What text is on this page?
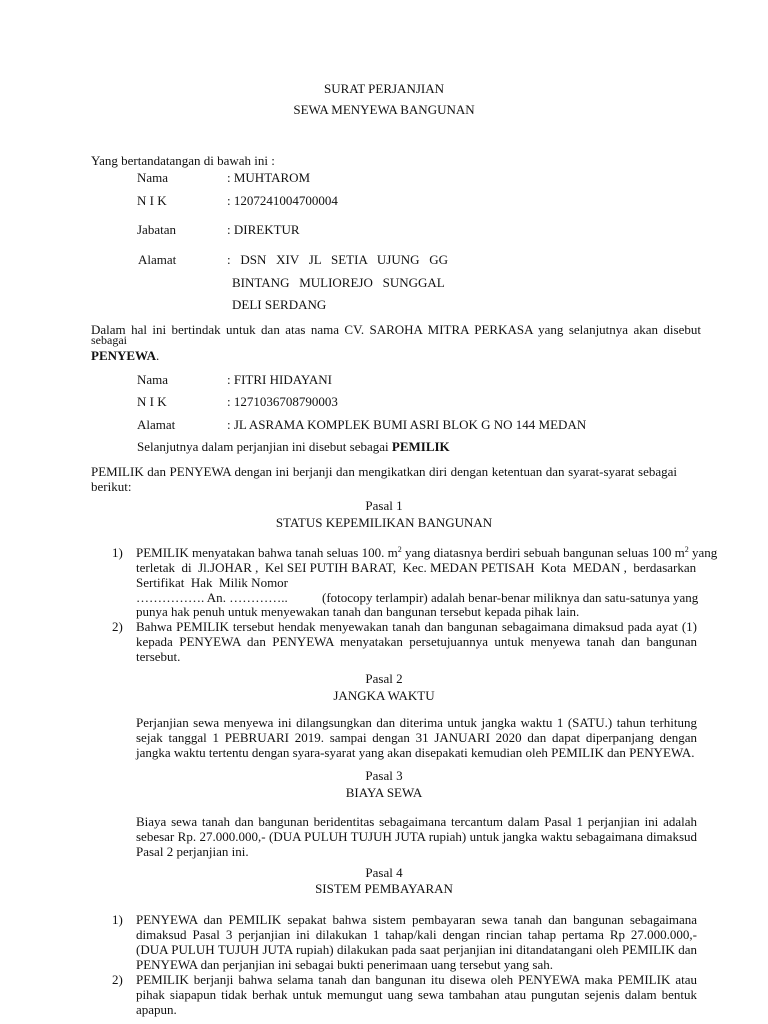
SURAT PERJANJIAN
SEWA MENYEWA BANGUNAN
Yang bertandatangan di bawah ini :
Nama	: MUHTAROM
N I K	: 1207241004700004
Jabatan	: DIREKTUR
Alamat	:   DSN   XIV   JL   SETIA   UJUNG   GG
BINTANG   MULIOREJO   SUNGGAL
DELI SERDANG
Dalam hal ini bertindak untuk dan atas nama CV. SAROHA MITRA PERKASA yang selanjutnya akan disebut
sebagai
PENYEWA.
Nama	: FITRI HIDAYANI
N I K	: 1271036708790003
Alamat	: JL ASRAMA KOMPLEK BUMI ASRI BLOK G NO 144 MEDAN
Selanjutnya dalam perjanjian ini disebut sebagai PEMILIK
PEMILIK dan PENYEWA dengan ini berjanji dan mengikatkan diri dengan ketentuan dan syarat-syarat sebagai berikut:
Pasal 1
STATUS KEPEMILIKAN BANGUNAN
1) PEMILIK menyatakan bahwa tanah seluas 100. $m^2$ yang diatasnya berdiri sebuah bangunan seluas 100 $m^2$ yang
terletak  di  Jl.JOHAR ,  Kel SEI PUTIH BARAT,  Kec. MEDAN PETISAH  Kota  MEDAN ,  berdasarkan
Sertifikat  Hak  Milik Nomor
……………. An. …………..	(fotocopy terlampir) adalah benar-benar miliknya dan satu-satunya yang
punya hak penuh untuk menyewakan tanah dan bangunan tersebut kepada pihak lain.
2) Bahwa PEMILIK tersebut hendak menyewakan tanah dan bangunan sebagaimana dimaksud pada ayat (1) kepada PENYEWA dan PENYEWA menyatakan persetujuannya untuk menyewa tanah dan bangunan tersebut.
Pasal 2
JANGKA WAKTU
Perjanjian sewa menyewa ini dilangsungkan dan diterima untuk jangka waktu 1 (SATU.) tahun terhitung sejak tanggal 1 PEBRUARI 2019. sampai dengan 31 JANUARI 2020 dan dapat diperpanjang dengan jangka waktu tertentu dengan syara-syarat yang akan disepakati kemudian oleh PEMILIK dan PENYEWA.
Pasal 3
BIAYA SEWA
Biaya sewa tanah dan bangunan beridentitas sebagaimana tercantum dalam Pasal 1 perjanjian ini adalah sebesar Rp. 27.000.000,- (DUA PULUH TUJUH JUTA rupiah) untuk jangka waktu sebagaimana dimaksud Pasal 2 perjanjian ini.
Pasal 4
SISTEM PEMBAYARAN
1) PENYEWA dan PEMILIK sepakat bahwa sistem pembayaran sewa tanah dan bangunan sebagaimana dimaksud Pasal 3 perjanjian ini dilakukan 1 tahap/kali dengan rincian tahap pertama Rp 27.000.000,- (DUA PULUH TUJUH JUTA rupiah) dilakukan pada saat perjanjian ini ditandatangani oleh PEMILIK dan PENYEWA dan perjanjian ini sebagai bukti penerimaan uang tersebut yang sah.
2) PEMILIK berjanji bahwa selama tanah dan bangunan itu disewa oleh PENYEWA maka PEMILIK atau pihak siapapun tidak berhak untuk memungut uang sewa tambahan atau pungutan sejenis dalam bentuk apapun.
